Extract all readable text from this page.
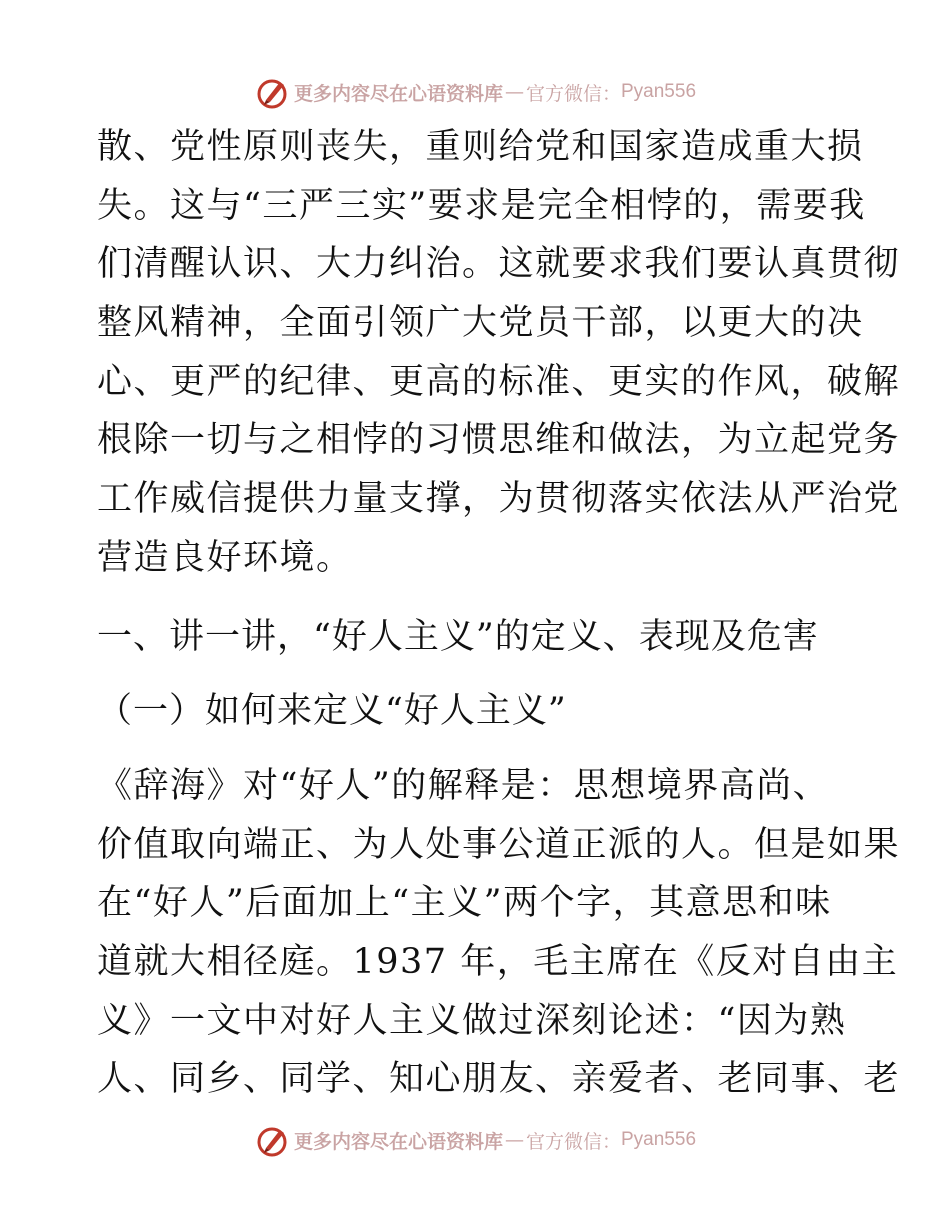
更多内容尽在心语资料库 — 官方微信： Pyan556
散、党性原则丧失，重则给党和国家造成重大损
失。这与“三严三实”要求是完全相悖的，需要我
们清醒认识、大力纠治。这就要求我们要认真贯彻
整风精神，全面引领广大党员干部，以更大的决
心、更严的纪律、更高的标准、更实的作风，破解
根除一切与之相悖的习惯思维和做法，为立起党务
工作威信提供力量支撑，为贯彻落实依法从严治党
营造良好环境。
一、讲一讲，“好人主义”的定义、表现及危害
（一）如何来定义“好人主义”
《辞海》对“好人”的解释是：思想境界高尚、
价值取向端正、为人处事公道正派的人。但是如果
在“好人”后面加上“主义”两个字，其意思和味
道就大相径庭。1937 年，毛主席在《反对自由主
义》一文中对好人主义做过深刻论述：“因为熟
人、同乡、同学、知心朋友、亲爱者、老同事、老
更多内容尽在心语资料库 — 官方微信： Pyan556
